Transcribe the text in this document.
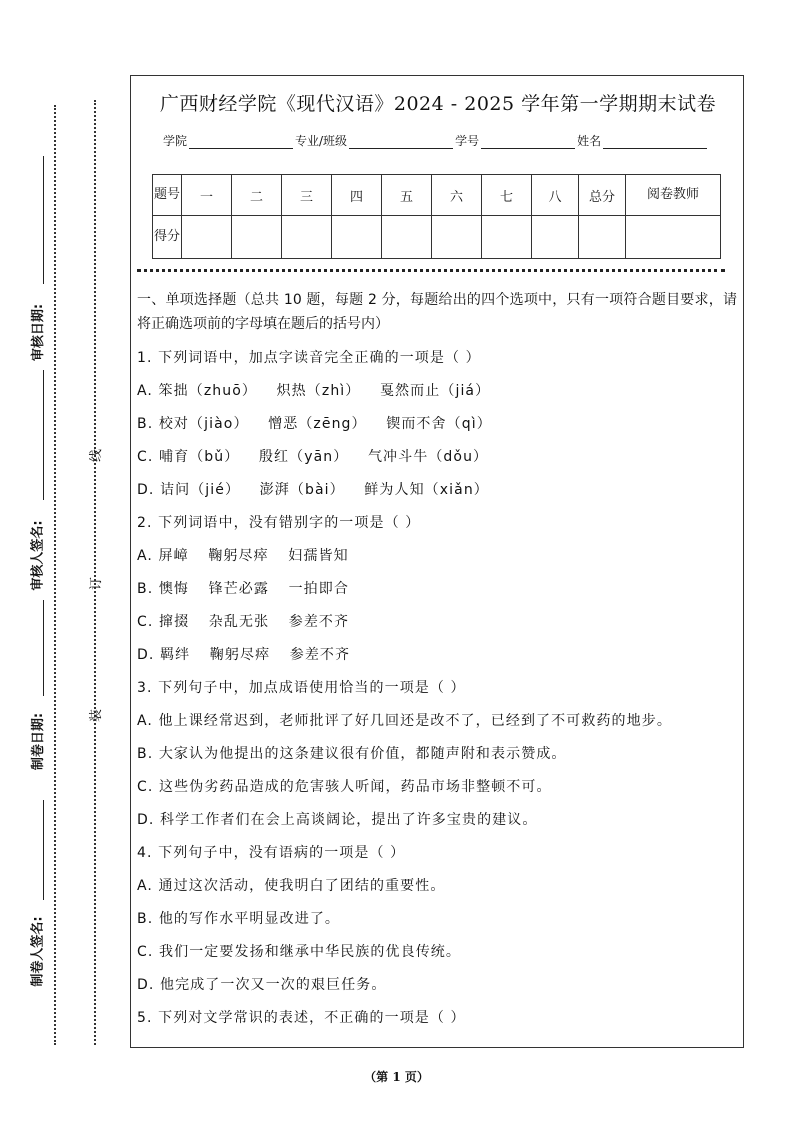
审核日期:
审核人签名:
制卷日期:
制卷人签名:
线
订
装
广西财经学院《现代汉语》2024 - 2025 学年第一学期期末试卷
学院	专业/班级	学号	姓名
题号	一	二	三	四	五	六	七	八	总分	阅卷教师
得分										
一、单项选择题（总共 10 题，每题 2 分，每题给出的四个选项中，只有一项符合题目要求，请将正确选项前的字母填在题后的括号内）
1. 下列词语中，加点字读音完全正确的一项是（ ）
A. 笨拙（zhuō） 炽热（zhì） 戛然而止（jiá）
B. 校对（jiào） 憎恶（zēng） 锲而不舍（qì）
C. 哺育（bǔ） 殷红（yān） 气冲斗牛（dǒu）
D. 诘问（jié） 澎湃（bài） 鲜为人知（xiǎn）
2. 下列词语中，没有错别字的一项是（ ）
A. 屏嶂 鞠躬尽瘁 妇孺皆知
B. 懊悔 锋芒必露 一拍即合
C. 撺掇 杂乱无张 参差不齐
D. 羁绊 鞠躬尽瘁 参差不齐
3. 下列句子中，加点成语使用恰当的一项是（ ）
A. 他上课经常迟到，老师批评了好几回还是改不了，已经到了不可救药的地步。
B. 大家认为他提出的这条建议很有价值，都随声附和表示赞成。
C. 这些伪劣药品造成的危害骇人听闻，药品市场非整顿不可。
D. 科学工作者们在会上高谈阔论，提出了许多宝贵的建议。
4. 下列句子中，没有语病的一项是（ ）
A. 通过这次活动，使我明白了团结的重要性。
B. 他的写作水平明显改进了。
C. 我们一定要发扬和继承中华民族的优良传统。
D. 他完成了一次又一次的艰巨任务。
5. 下列对文学常识的表述，不正确的一项是（ ）
（第 1 页）
